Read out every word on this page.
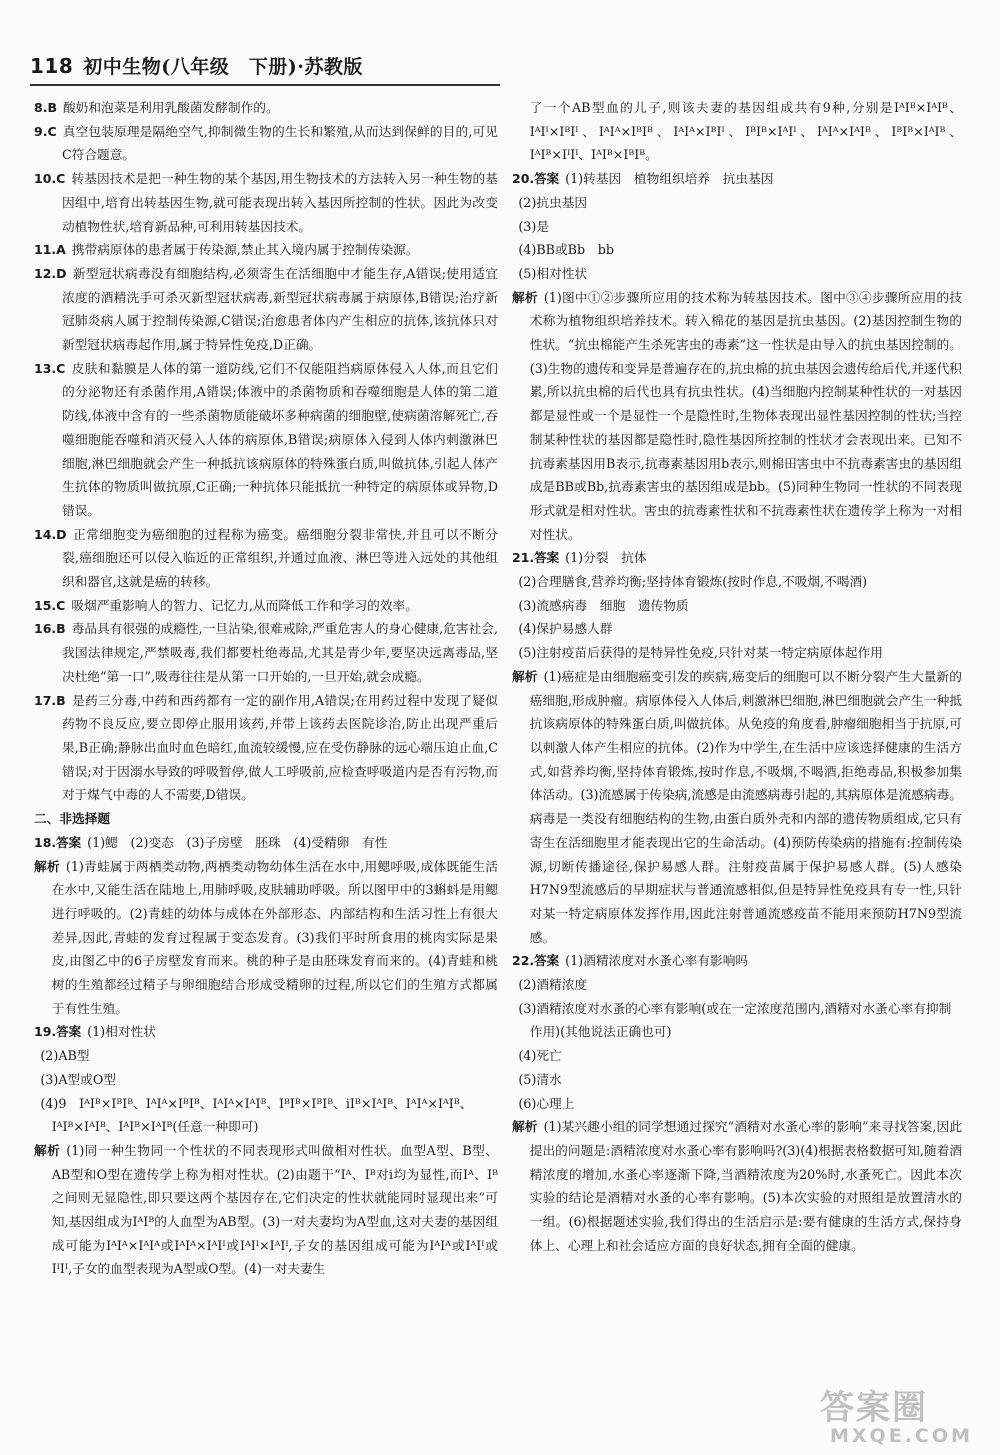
118 初中生物(八年级　下册)·苏教版

8.B 酸奶和泡菜是利用乳酸菌发酵制作的。

9.C 真空包装原理是隔绝空气,抑制微生物的生长和繁殖,从而达到保鲜的目的,可见C符合题意。

10.C 转基因技术是把一种生物的某个基因,用生物技术的方法转入另一种生物的基因组中,培育出转基因生物,就可能表现出转入基因所控制的性状。因此为改变动植物性状,培育新品种,可利用转基因技术。

11.A 携带病原体的患者属于传染源,禁止其入境内属于控制传染源。

12.D 新型冠状病毒没有细胞结构,必须寄生在活细胞中才能生存,A错误;使用适宜浓度的酒精洗手可杀灭新型冠状病毒,新型冠状病毒属于病原体,B错误;治疗新冠肺炎病人属于控制传染源,C错误;治愈患者体内产生相应的抗体,该抗体只对新型冠状病毒起作用,属于特异性免疫,D正确。

13.C 皮肤和黏膜是人体的第一道防线,它们不仅能阻挡病原体侵入人体,而且它们的分泌物还有杀菌作用,A错误;体液中的杀菌物质和吞噬细胞是人体的第二道防线,体液中含有的一些杀菌物质能破坏多种病菌的细胞壁,使病菌溶解死亡,吞噬细胞能吞噬和消灭侵入人体的病原体,B错误;病原体入侵到人体内刺激淋巴细胞,淋巴细胞就会产生一种抵抗该病原体的特殊蛋白质,叫做抗体,引起人体产生抗体的物质叫做抗原,C正确;一种抗体只能抵抗一种特定的病原体或异物,D错误。

14.D 正常细胞变为癌细胞的过程称为癌变。癌细胞分裂非常快,并且可以不断分裂,癌细胞还可以侵入临近的正常组织,并通过血液、淋巴等进入远处的其他组织和器官,这就是癌的转移。

15.C 吸烟严重影响人的智力、记忆力,从而降低工作和学习的效率。

16.B 毒品具有很强的成瘾性,一旦沾染,很难戒除,严重危害人的身心健康,危害社会,我国法律规定,严禁吸毒,我们都要杜绝毒品,尤其是青少年,要坚决远离毒品,坚决杜绝“第一口”,吸毒往往是从第一口开始的,一旦开始,就会成瘾。

17.B 是药三分毒,中药和西药都有一定的副作用,A错误;在用药过程中发现了疑似药物不良反应,要立即停止服用该药,并带上该药去医院诊治,防止出现严重后果,B正确;静脉出血时血色暗红,血流较缓慢,应在受伤静脉的远心端压迫止血,C错误;对于因溺水导致的呼吸暂停,做人工呼吸前,应检查呼吸道内是否有污物,而对于煤气中毒的人不需要,D错误。

二、非选择题

18.答案 (1)鳃　(2)变态　(3)子房壁　胚珠　(4)受精卵　有性

解析 (1)青蛙属于两栖类动物,两栖类动物幼体生活在水中,用鳃呼吸,成体既能生活在水中,又能生活在陆地上,用肺呼吸,皮肤辅助呼吸。所以图甲中的3蝌蚪是用鳃进行呼吸的。(2)青蛙的幼体与成体在外部形态、内部结构和生活习性上有很大差异,因此,青蛙的发育过程属于变态发育。(3)我们平时所食用的桃肉实际是果皮,由图乙中的6子房壁发育而来。桃的种子是由胚珠发育而来的。(4)青蛙和桃树的生殖都经过精子与卵细胞结合形成受精卵的过程,所以它们的生殖方式都属于有性生殖。

19.答案 (1)相对性状

(2)AB型

(3)A型或O型

(4)9　IᴬIᴮ×IᴮIᴮ、IᴬIᴬ×IᴮIᴮ、IᴬIᴬ×IᴬIᴮ、IᴮIᴮ×IᴮIᴮ、iIᴮ×IᴬIᴮ、IᴬIᴬ×IᴬIᴮ、IᴬIᴮ×IᴬIᴮ、IᴬIᴮ×IᴬIᴮ(任意一种即可)

解析 (1)同一种生物同一个性状的不同表现形式叫做相对性状。血型A型、B型、AB型和O型在遗传学上称为相对性状。(2)由题干“Iᴬ、Iᴮ对i均为显性,而Iᴬ、Iᴮ之间则无显隐性,即只要这两个基因存在,它们决定的性状就能同时显现出来”可知,基因组成为IᴬIᴮ的人血型为AB型。(3)一对夫妻均为A型血,这对夫妻的基因组成可能为IᴬIᴬ×IᴬIᴬ或IᴬIᴬ×IᴬIᴵ或IᴬIᴵ×IᴬIᴵ,子女的基因组成可能为IᴬIᴬ或IᴬIᴵ或IᴵIᴵ,子女的血型表现为A型或O型。(4)一对夫妻生

了一个AB型血的儿子,则该夫妻的基因组成共有9种,分别是IᴬIᴮ×IᴬIᴮ、IᴬIᴵ×IᴮIᴵ、IᴬIᴬ×IᴮIᴮ、IᴬIᴬ×IᴮIᴵ、IᴮIᴮ×IᴬIᴵ、IᴬIᴬ×IᴬIᴮ、IᴮIᴮ×IᴬIᴮ、IᴬIᴮ×IᴵIᴵ、IᴬIᴮ×IᴮIᴮ。

20.答案 (1)转基因　植物组织培养　抗虫基因

(2)抗虫基因

(3)是

(4)BB或Bb　bb

(5)相对性状

解析 (1)图中①②步骤所应用的技术称为转基因技术。图中③④步骤所应用的技术称为植物组织培养技术。转入棉花的基因是抗虫基因。(2)基因控制生物的性状。“抗虫棉能产生杀死害虫的毒素”这一性状是由导入的抗虫基因控制的。(3)生物的遗传和变异是普遍存在的,抗虫棉的抗虫基因会遗传给后代,并逐代积累,所以抗虫棉的后代也具有抗虫性状。(4)当细胞内控制某种性状的一对基因都是显性或一个是显性一个是隐性时,生物体表现出显性基因控制的性状;当控制某种性状的基因都是隐性时,隐性基因所控制的性状才会表现出来。已知不抗毒素基因用B表示,抗毒素基因用b表示,则棉田害虫中不抗毒素害虫的基因组成是BB或Bb,抗毒素害虫的基因组成是bb。(5)同种生物同一性状的不同表现形式就是相对性状。害虫的抗毒素性状和不抗毒素性状在遗传学上称为一对相对性状。

21.答案 (1)分裂　抗体

(2)合理膳食,营养均衡;坚持体育锻炼(按时作息,不吸烟,不喝酒)

(3)流感病毒　细胞　遗传物质

(4)保护易感人群

(5)注射疫苗后获得的是特异性免疫,只针对某一特定病原体起作用

解析 (1)癌症是由细胞癌变引发的疾病,癌变后的细胞可以不断分裂产生大量新的癌细胞,形成肿瘤。病原体侵入人体后,刺激淋巴细胞,淋巴细胞就会产生一种抵抗该病原体的特殊蛋白质,叫做抗体。从免疫的角度看,肿瘤细胞相当于抗原,可以刺激人体产生相应的抗体。(2)作为中学生,在生活中应该选择健康的生活方式,如营养均衡,坚持体育锻炼,按时作息,不吸烟,不喝酒,拒绝毒品,积极参加集体活动。(3)流感属于传染病,流感是由流感病毒引起的,其病原体是流感病毒。病毒是一类没有细胞结构的生物,由蛋白质外壳和内部的遗传物质组成,它只有寄生在活细胞里才能表现出它的生命活动。(4)预防传染病的措施有:控制传染源,切断传播途径,保护易感人群。注射疫苗属于保护易感人群。(5)人感染H7N9型流感后的早期症状与普通流感相似,但是特异性免疫具有专一性,只针对某一特定病原体发挥作用,因此注射普通流感疫苗不能用来预防H7N9型流感。

22.答案 (1)酒精浓度对水蚤心率有影响吗

(2)酒精浓度

(3)酒精浓度对水蚤的心率有影响(或在一定浓度范围内,酒精对水蚤心率有抑制作用)(其他说法正确也可)

(4)死亡

(5)清水

(6)心理上

解析 (1)某兴趣小组的同学想通过探究“酒精对水蚤心率的影响”来寻找答案,因此提出的问题是:酒精浓度对水蚤心率有影响吗?(3)(4)根据表格数据可知,随着酒精浓度的增加,水蚤心率逐渐下降,当酒精浓度为20%时,水蚤死亡。因此本次实验的结论是酒精对水蚤的心率有影响。(5)本次实验的对照组是放置清水的一组。(6)根据题述实验,我们得出的生活启示是:要有健康的生活方式,保持身体上、心理上和社会适应方面的良好状态,拥有全面的健康。

答案圈
MXQE.COM
